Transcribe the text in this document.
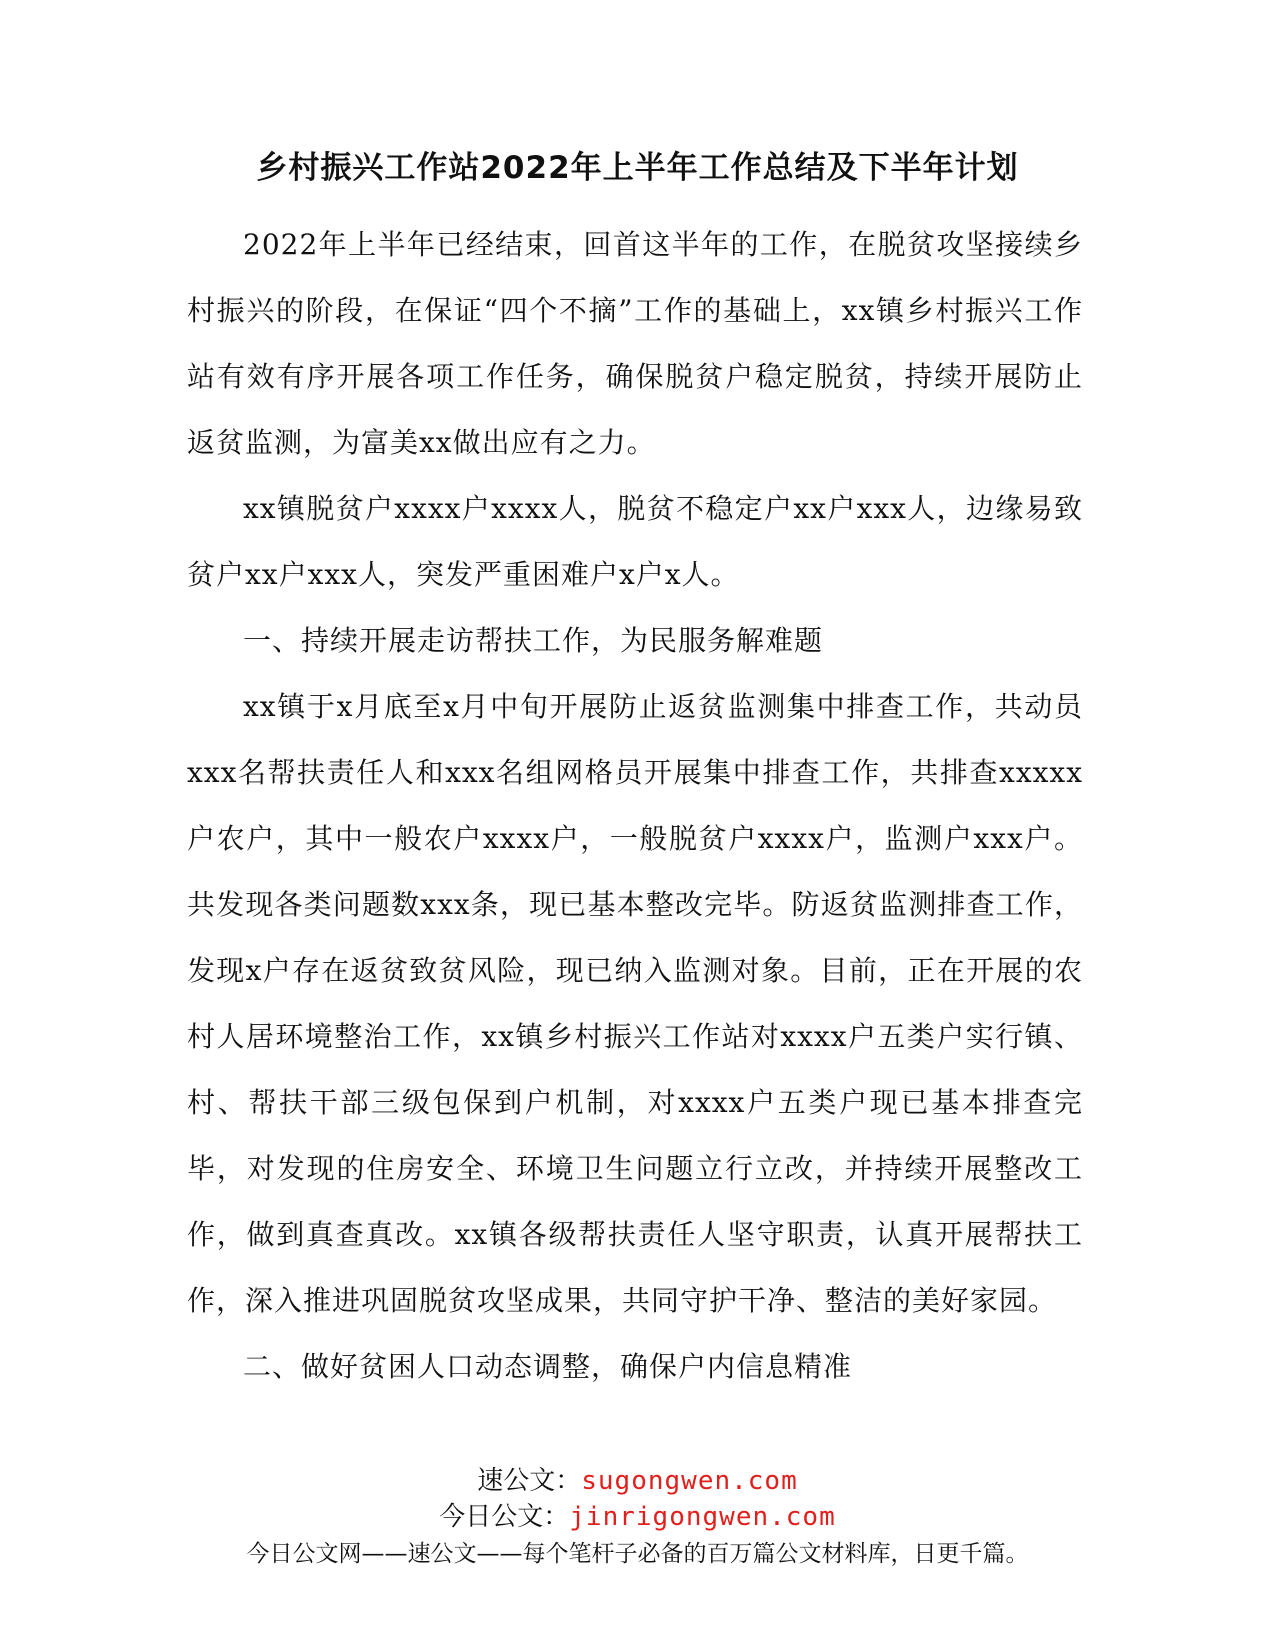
乡村振兴工作站2022年上半年工作总结及下半年计划

2022年上半年已经结束，回首这半年的工作，在脱贫攻坚接续乡村振兴的阶段，在保证“四个不摘”工作的基础上，xx镇乡村振兴工作站有效有序开展各项工作任务，确保脱贫户稳定脱贫，持续开展防止返贫监测，为富美xx做出应有之力。

xx镇脱贫户xxxx户xxxx人，脱贫不稳定户xx户xxx人，边缘易致贫户xx户xxx人，突发严重困难户x户x人。

一、持续开展走访帮扶工作，为民服务解难题

xx镇于x月底至x月中旬开展防止返贫监测集中排查工作，共动员xxx名帮扶责任人和xxx名组网格员开展集中排查工作，共排查xxxxx户农户，其中一般农户xxxx户，一般脱贫户xxxx户，监测户xxx户。共发现各类问题数xxx条，现已基本整改完毕。防返贫监测排查工作，发现x户存在返贫致贫风险，现已纳入监测对象。目前，正在开展的农村人居环境整治工作，xx镇乡村振兴工作站对xxxx户五类户实行镇、村、帮扶干部三级包保到户机制，对xxxx户五类户现已基本排查完毕，对发现的住房安全、环境卫生问题立行立改，并持续开展整改工作，做到真查真改。xx镇各级帮扶责任人坚守职责，认真开展帮扶工作，深入推进巩固脱贫攻坚成果，共同守护干净、整洁的美好家园。

二、做好贫困人口动态调整，确保户内信息精准

速公文：sugongwen.com
今日公文：jinrigongwen.com
今日公文网——速公文——每个笔杆子必备的百万篇公文材料库，日更千篇。
